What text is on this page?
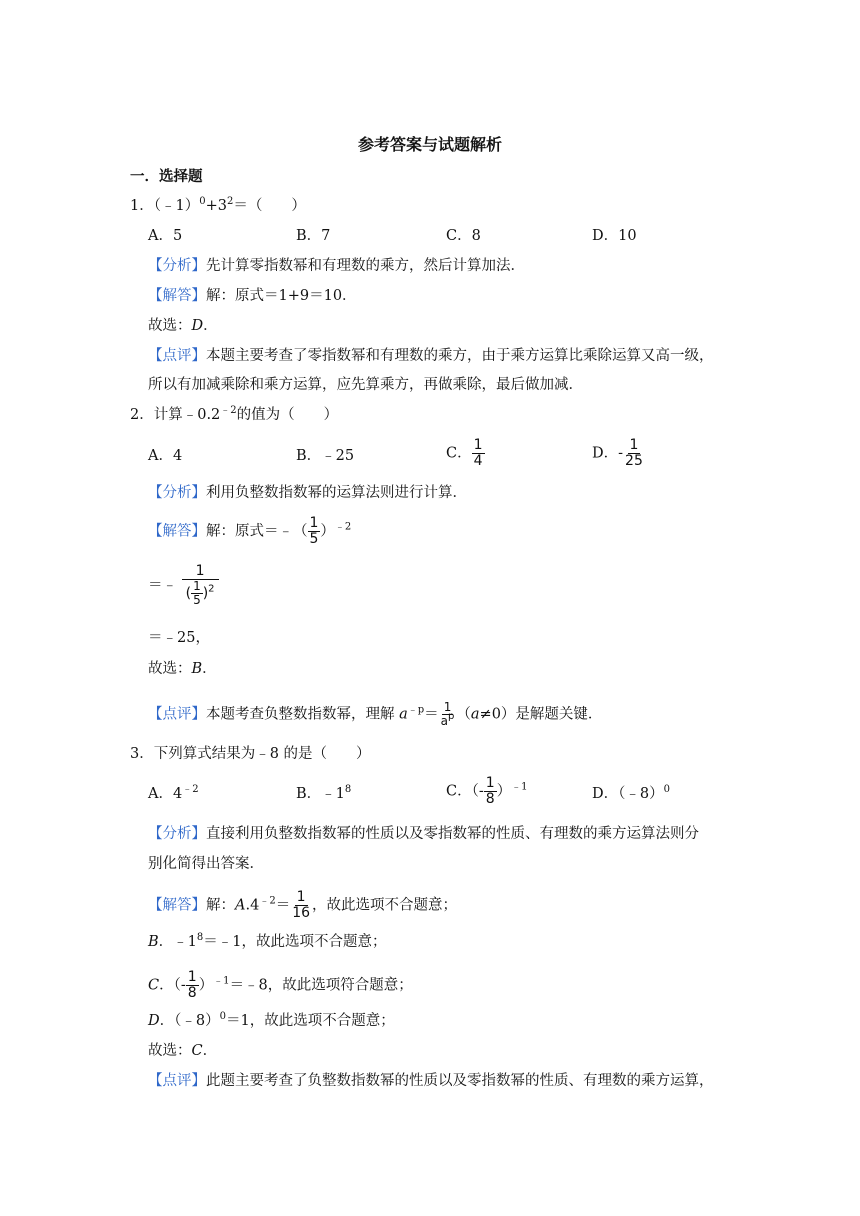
参考答案与试题解析
一．选择题
1．$(﹣1)^0+3^2=$（　　）
A．5	B．7	C．8	D．10
【分析】先计算零指数幂和有理数的乘方，然后计算加法．
【解答】解：原式＝1+9＝10．
故选：D．
【点评】本题主要考查了零指数幂和有理数的乘方，由于乘方运算比乘除运算又高一级，
所以有加减乘除和乘方运算，应先算乘方，再做乘除，最后做加减．
2．计算$﹣0.2^{﹣2}$的值为（　　）
A．4	B．﹣25	C． $\frac{1}{4}$	D．- $\frac{1}{25}$
【分析】利用负整数指数幂的运算法则进行计算．
【解答】解：原式＝﹣（ $\frac{1}{5} )^{﹣2}$
＝﹣ $\frac{1}{( \frac{1}{5} )^2}$
＝﹣25，
故选：B．
【点评】本题考查负整数指数幂，理解 $a^{﹣p}= \frac{1}{a^p} (a\ne 0)$是解题关键．
3．下列算式结果为﹣8 的是（　　）
A．$4^{﹣2}$	B．$﹣1^8$	C．（- $\frac{1}{8} )^{﹣1}$	D．（﹣8）$^0$
【分析】直接利用负整数指数幂的性质以及零指数幂的性质、有理数的乘方运算法则分
别化简得出答案．
【解答】解：$A.4^{﹣2}= \frac{1}{16}$ ，故此选项不合题意；
B．$﹣1^8=﹣1$，故此选项不合题意；
C．（- $\frac{1}{8}$ ）$^{﹣1}$＝﹣8，故此选项符合题意；
D．（﹣8）$^0$＝1，故此选项不合题意；
故选：C．
【点评】此题主要考查了负整数指数幂的性质以及零指数幂的性质、有理数的乘方运算，
